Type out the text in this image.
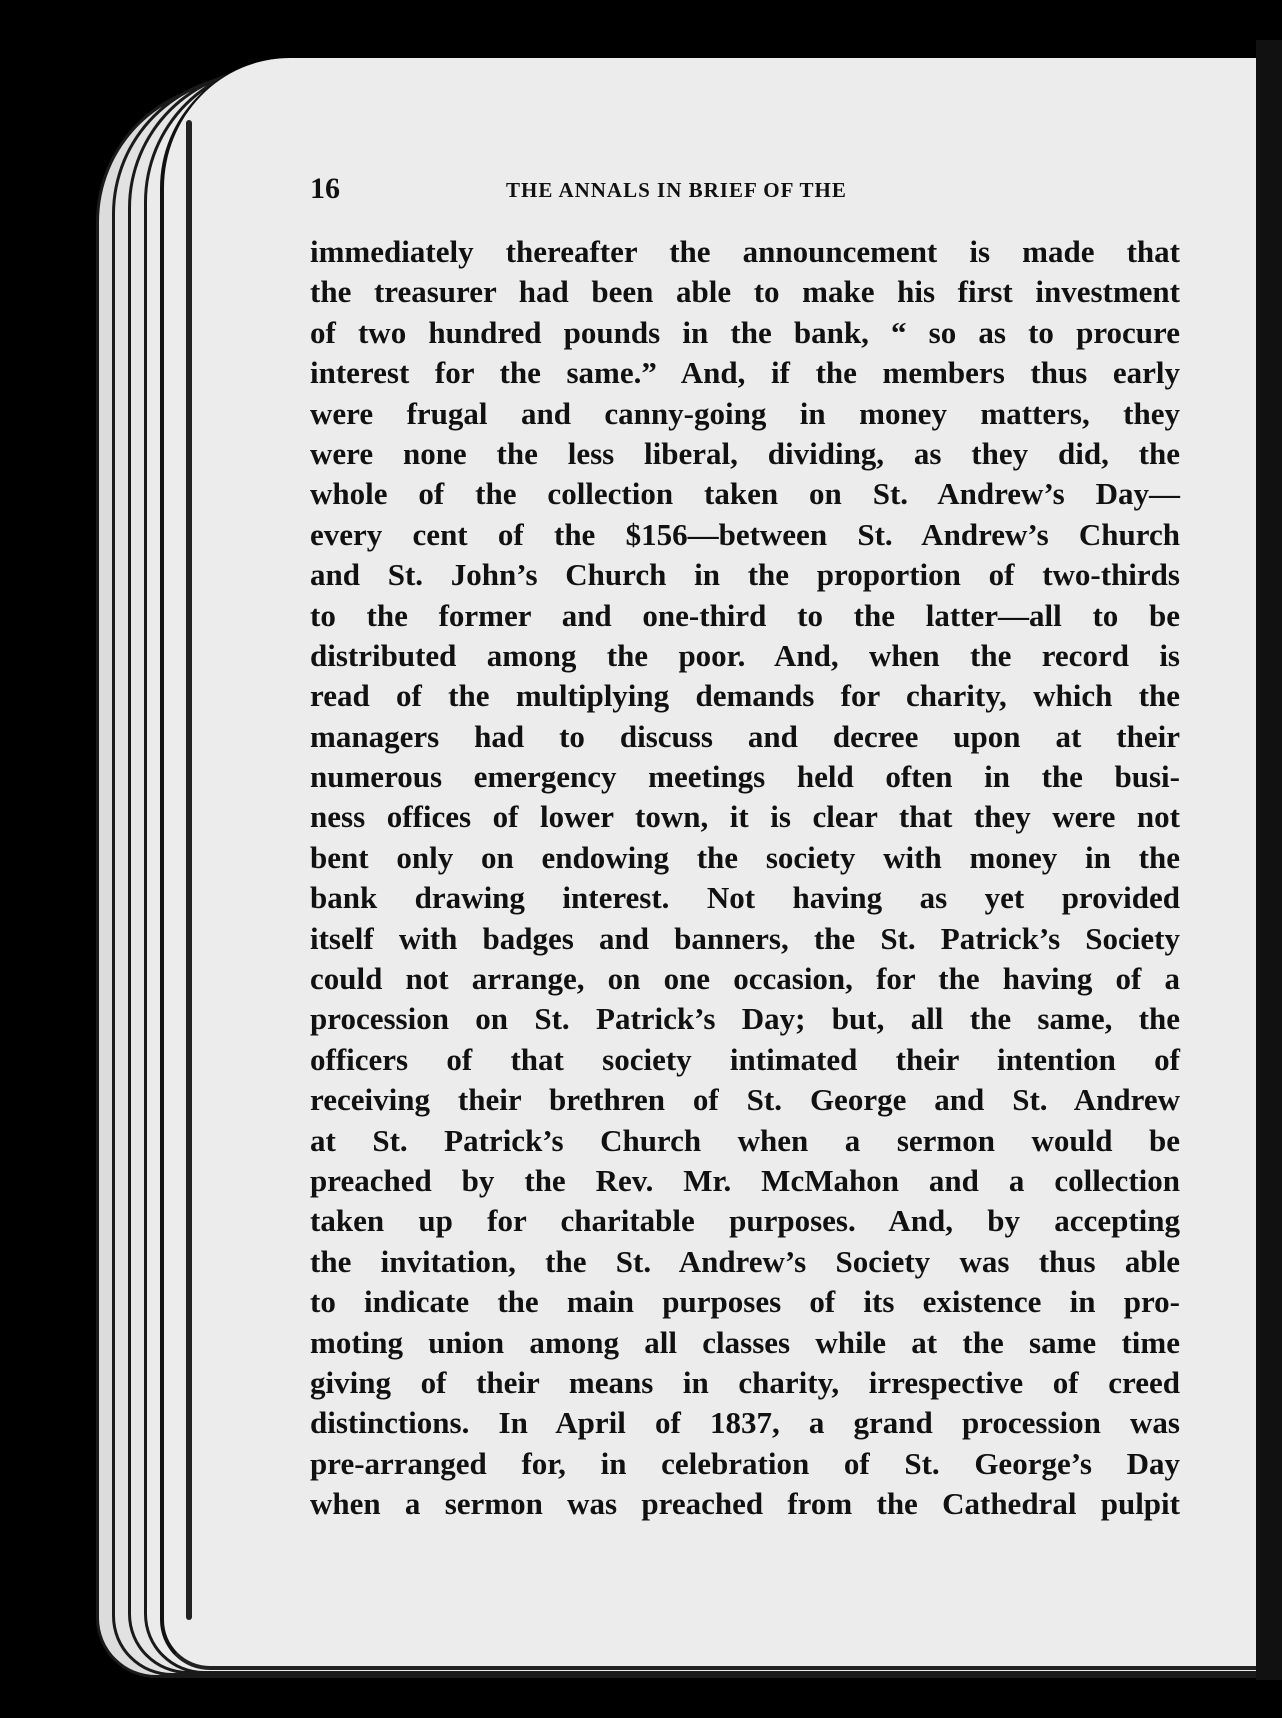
16	THE ANNALS IN BRIEF OF THE
immediately thereafter the announcement is made that
the treasurer had been able to make his first investment
of two hundred pounds in the bank, “ so as to procure
interest for the same.” And, if the members thus early
were frugal and canny-going in money matters, they
were none the less liberal, dividing, as they did, the
whole of the collection taken on St. Andrew’s Day—
every cent of the $156—between St. Andrew’s Church
and St. John’s Church in the proportion of two-thirds
to the former and one-third to the latter—all to be
distributed among the poor. And, when the record is
read of the multiplying demands for charity, which the
managers had to discuss and decree upon at their
numerous emergency meetings held often in the busi-
ness offices of lower town, it is clear that they were not
bent only on endowing the society with money in the
bank drawing interest. Not having as yet provided
itself with badges and banners, the St. Patrick’s Society
could not arrange, on one occasion, for the having of a
procession on St. Patrick’s Day; but, all the same, the
officers of that society intimated their intention of
receiving their brethren of St. George and St. Andrew
at St. Patrick’s Church when a sermon would be
preached by the Rev. Mr. McMahon and a collection
taken up for charitable purposes. And, by accepting
the invitation, the St. Andrew’s Society was thus able
to indicate the main purposes of its existence in pro-
moting union among all classes while at the same time
giving of their means in charity, irrespective of creed
distinctions. In April of 1837, a grand procession was
pre-arranged for, in celebration of St. George’s Day
when a sermon was preached from the Cathedral pulpit
